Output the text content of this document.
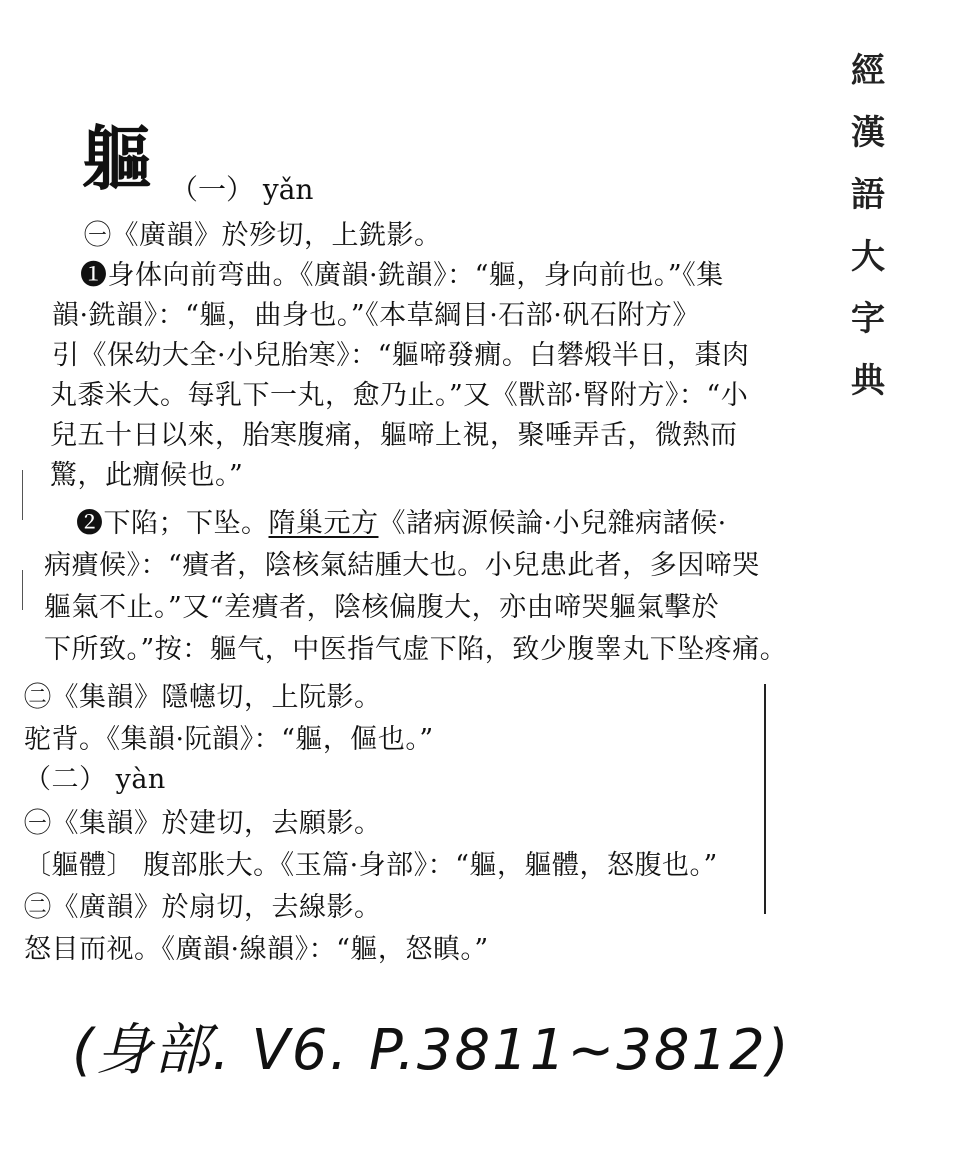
經
漢
語
大
字
典
軀 （一） yǎn
㊀《廣韻》於殄切，上銑影。
❶身体向前弯曲。《廣韻·銑韻》：“軀，身向前也。”《集
韻·銑韻》：“軀，曲身也。”《本草綱目·石部·矾石附方》
引《保幼大全·小兒胎寒》：“軀啼發癇。白礬煅半日，棗肉
丸黍米大。每乳下一丸，愈乃止。”又《獸部·腎附方》：“小
兒五十日以來，胎寒腹痛，軀啼上視，聚唾弄舌，微熱而
驚，此癇候也。”
❷下陷；下坠。隋巢元方《諸病源候論·小兒雜病諸候·
病㿉候》：“㿉者，陰核氣結腫大也。小兒患此者，多因啼哭
軀氣不止。”又“差㿉者，陰核偏腹大，亦由啼哭軀氣擊於
下所致。”按：軀气，中医指气虚下陷，致少腹睾丸下坠疼痛。
㊁《集韻》隱幰切，上阮影。
驼背。《集韻·阮韻》：“軀，傴也。”
（二） yàn
㊀《集韻》於建切，去願影。
〔軀體〕 腹部胀大。《玉篇·身部》：“軀，軀體，怒腹也。”
㊁《廣韻》於扇切，去線影。
怒目而视。《廣韻·線韻》：“軀，怒瞋。”
(身部. V6. P.3811~3812)
